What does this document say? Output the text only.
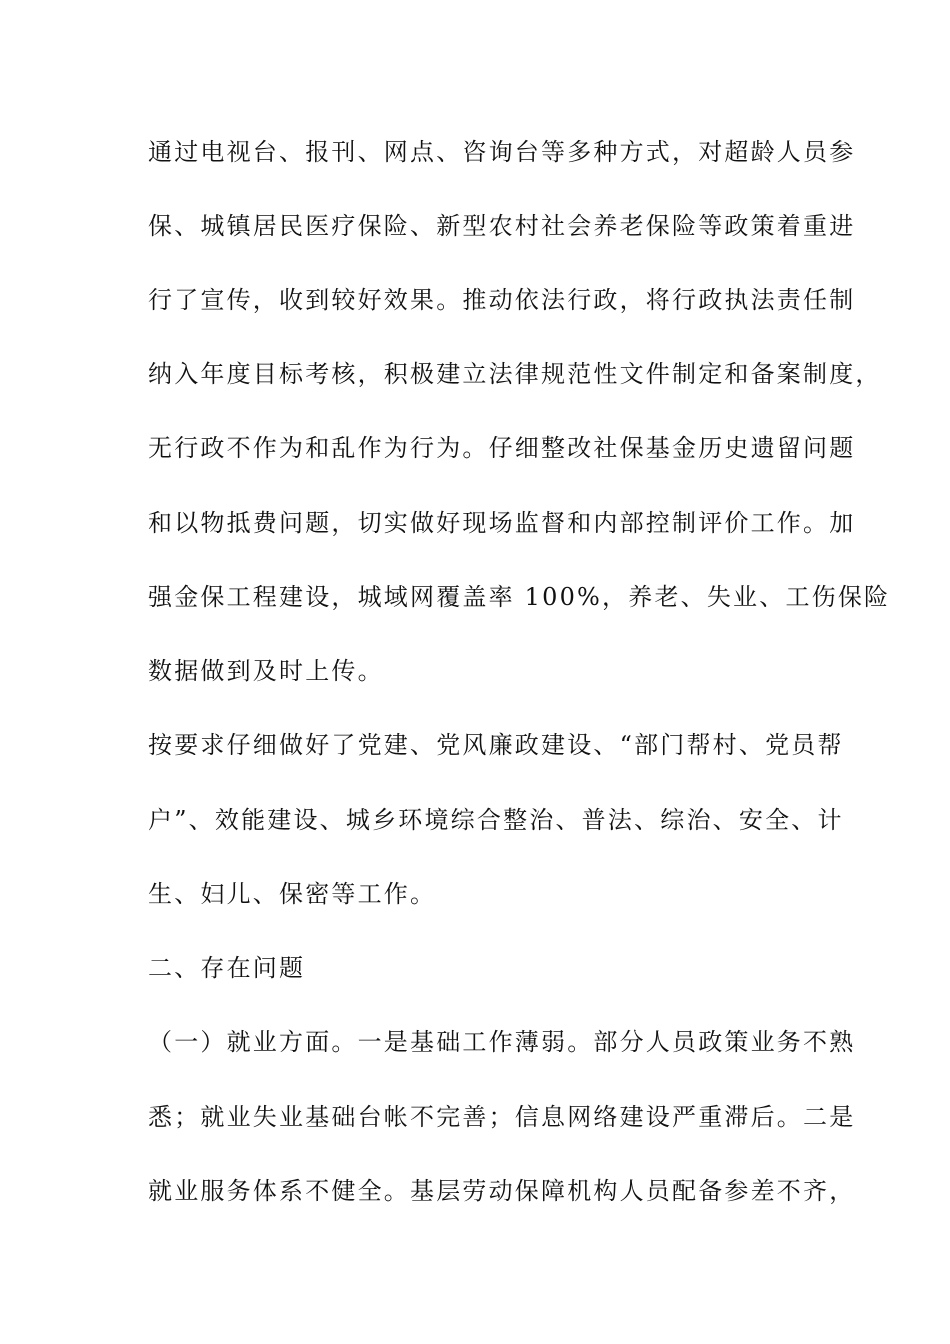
通过电视台、报刊、网点、咨询台等多种方式，对超龄人员参
保、城镇居民医疗保险、新型农村社会养老保险等政策着重进
行了宣传，收到较好效果。推动依法行政，将行政执法责任制
纳入年度目标考核，积极建立法律规范性文件制定和备案制度，
无行政不作为和乱作为行为。仔细整改社保基金历史遗留问题
和以物抵费问题，切实做好现场监督和内部控制评价工作。加
强金保工程建设，城域网覆盖率 100%，养老、失业、工伤保险
数据做到及时上传。
按要求仔细做好了党建、党风廉政建设、“部门帮村、党员帮
户”、效能建设、城乡环境综合整治、普法、综治、安全、计
生、妇儿、保密等工作。
二、存在问题
（一）就业方面。一是基础工作薄弱。部分人员政策业务不熟
悉；就业失业基础台帐不完善；信息网络建设严重滞后。二是
就业服务体系不健全。基层劳动保障机构人员配备参差不齐，
